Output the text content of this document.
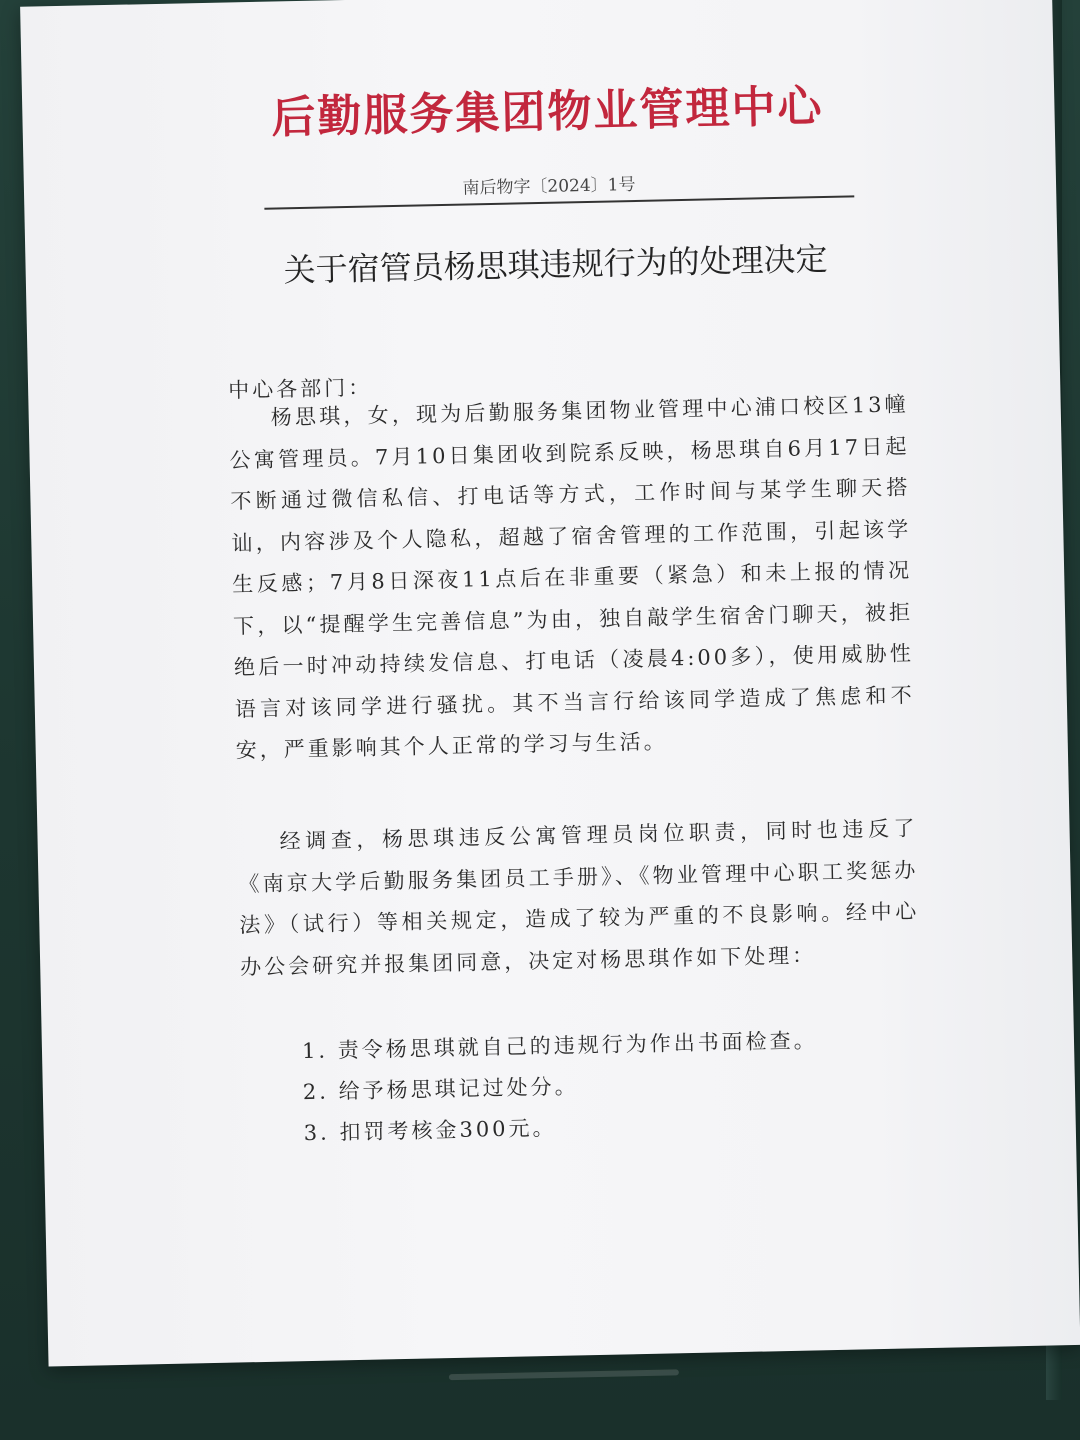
后勤服务集团物业管理中心
南后物字〔2024〕1号
关于宿管员杨思琪违规行为的处理决定
中心各部门：
杨思琪，女，现为后勤服务集团物业管理中心浦口校区13幢公寓管理员。7月10日集团收到院系反映，杨思琪自6月17日起不断通过微信私信、打电话等方式，工作时间与某学生聊天搭讪，内容涉及个人隐私，超越了宿舍管理的工作范围，引起该学生反感；7月8日深夜11点后在非重要（紧急）和未上报的情况下，以“提醒学生完善信息”为由，独自敲学生宿舍门聊天，被拒绝后一时冲动持续发信息、打电话（凌晨4:00多），使用威胁性语言对该同学进行骚扰。其不当言行给该同学造成了焦虑和不安，严重影响其个人正常的学习与生活。
经调查，杨思琪违反公寓管理员岗位职责，同时也违反了《南京大学后勤服务集团员工手册》、《物业管理中心职工奖惩办法》（试行）等相关规定，造成了较为严重的不良影响。经中心办公会研究并报集团同意，决定对杨思琪作如下处理：
1. 责令杨思琪就自己的违规行为作出书面检查。
2. 给予杨思琪记过处分。
3. 扣罚考核金300元。
